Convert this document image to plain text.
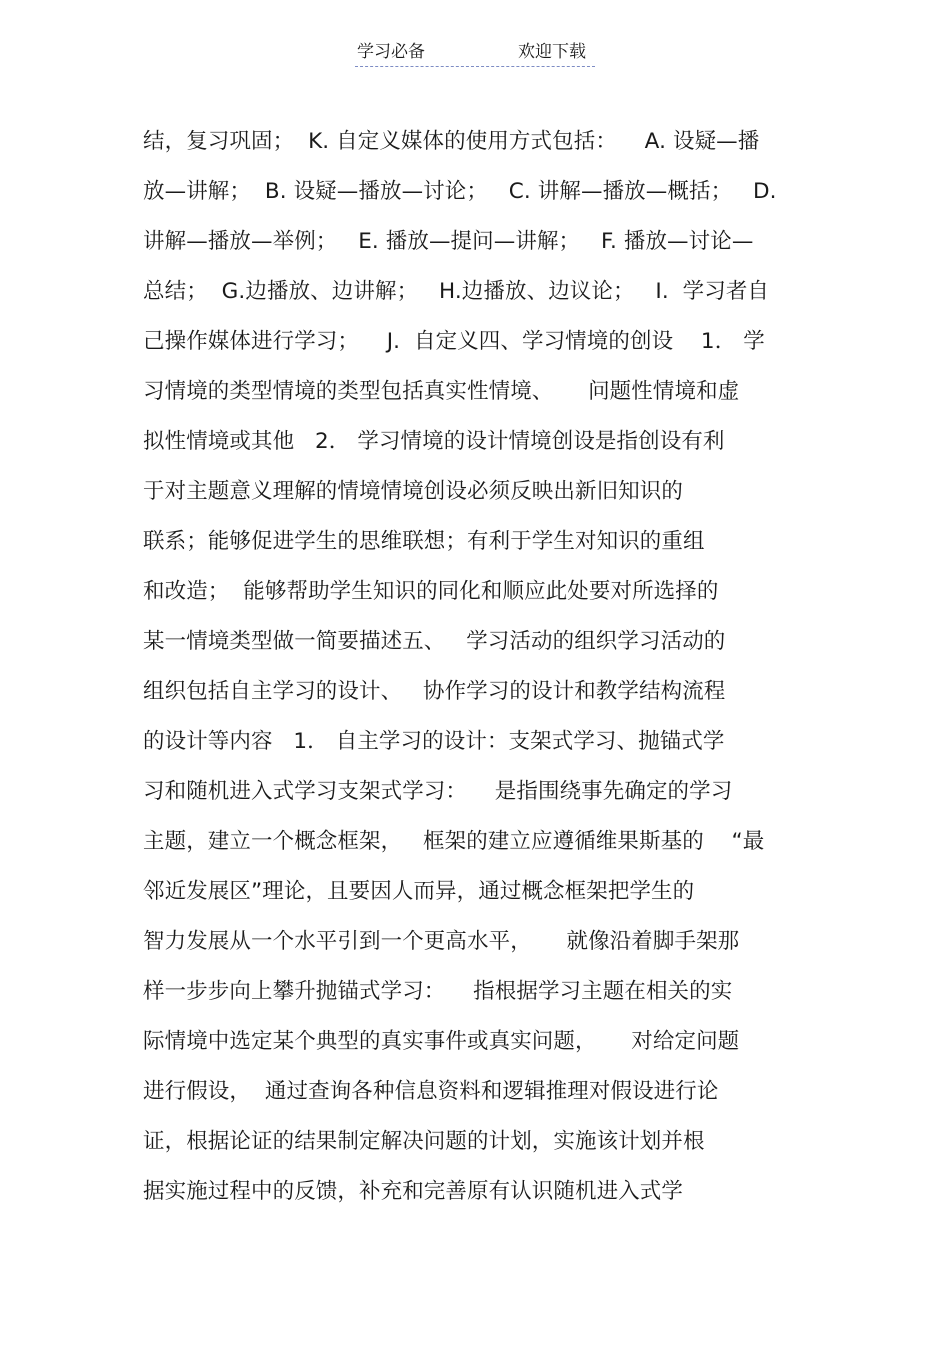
学习必备	欢迎下载
结，复习巩固；  K. 自定义媒体的使用方式包括：    A. 设疑—播
放—讲解；  B. 设疑—播放—讨论；   C. 讲解—播放—概括；   D.
讲解—播放—举例；   E. 播放—提问—讲解；   F. 播放—讨论—
总结；  G.边播放、边讲解；   H.边播放、边议论；   I.  学习者自
己操作媒体进行学习；    J.  自定义四、学习情境的创设    1． 学
习情境的类型情境的类型包括真实性情境、     问题性情境和虚
拟性情境或其他   2． 学习情境的设计情境创设是指创设有利
于对主题意义理解的情境情境创设必须反映出新旧知识的
联系；能够促进学生的思维联想；有利于学生对知识的重组
和改造；  能够帮助学生知识的同化和顺应此处要对所选择的
某一情境类型做一简要描述五、   学习活动的组织学习活动的
组织包括自主学习的设计、   协作学习的设计和教学结构流程
的设计等内容   1． 自主学习的设计：支架式学习、抛锚式学
习和随机进入式学习支架式学习：    是指围绕事先确定的学习
主题，建立一个概念框架，   框架的建立应遵循维果斯基的    “最
邻近发展区”理论，且要因人而异，通过概念框架把学生的
智力发展从一个水平引到一个更高水平，     就像沿着脚手架那
样一步步向上攀升抛锚式学习：    指根据学习主题在相关的实
际情境中选定某个典型的真实事件或真实问题，     对给定问题
进行假设，  通过查询各种信息资料和逻辑推理对假设进行论
证，根据论证的结果制定解决问题的计划，实施该计划并根
据实施过程中的反馈，补充和完善原有认识随机进入式学
